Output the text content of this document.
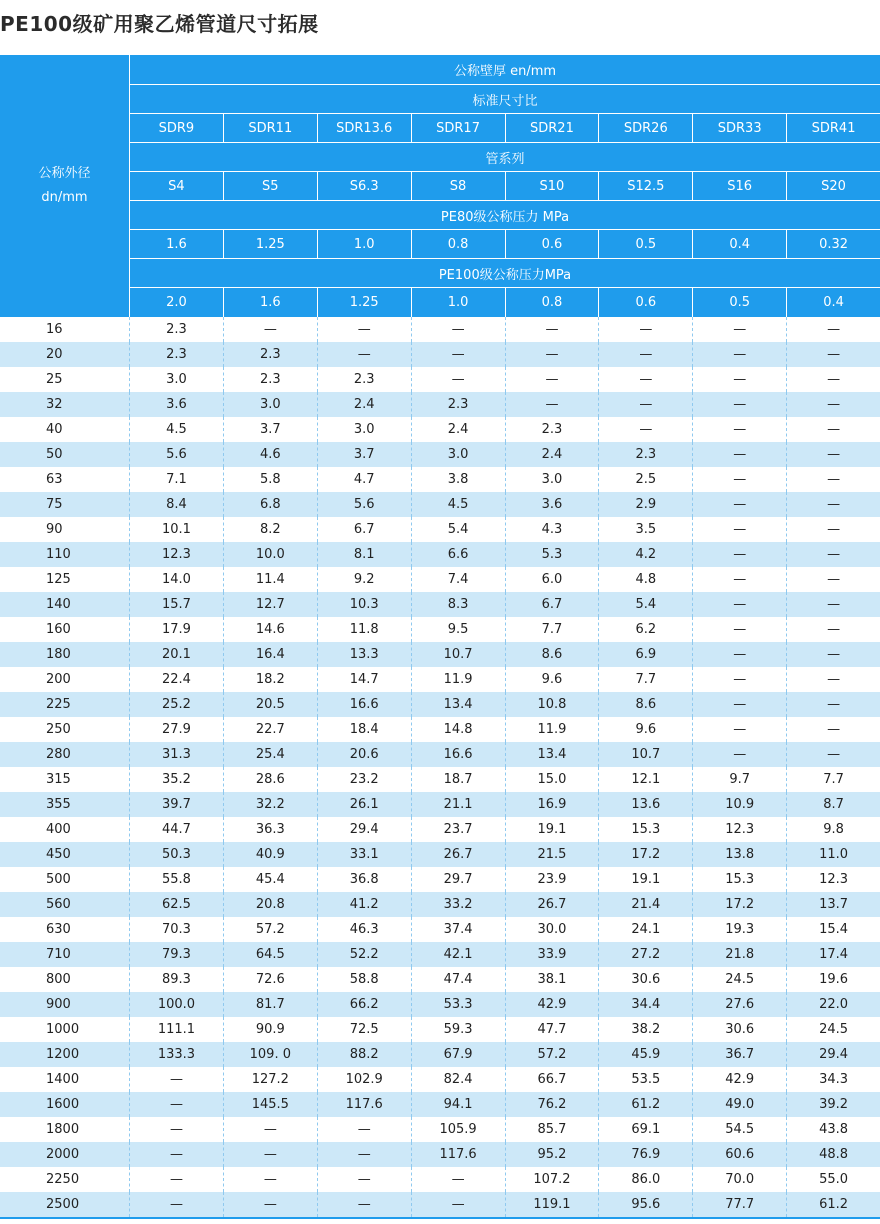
PE100级矿用聚乙烯管道尺寸拓展
公称外径
dn/mm
公称壁厚 en/mm
标准尺寸比
SDR9	SDR11	SDR13.6	SDR17	SDR21	SDR26	SDR33	SDR41
管系列
S4	S5	S6.3	S8	S10	S12.5	S16	S20
PE80级公称压力 MPa
1.6	1.25	1.0	0.8	0.6	0.5	0.4	0.32
PE100级公称压力MPa
2.0	1.6	1.25	1.0	0.8	0.6	0.5	0.4
16	2.3	—	—	—	—	—	—	—
20	2.3	2.3	—	—	—	—	—	—
25	3.0	2.3	2.3	—	—	—	—	—
32	3.6	3.0	2.4	2.3	—	—	—	—
40	4.5	3.7	3.0	2.4	2.3	—	—	—
50	5.6	4.6	3.7	3.0	2.4	2.3	—	—
63	7.1	5.8	4.7	3.8	3.0	2.5	—	—
75	8.4	6.8	5.6	4.5	3.6	2.9	—	—
90	10.1	8.2	6.7	5.4	4.3	3.5	—	—
110	12.3	10.0	8.1	6.6	5.3	4.2	—	—
125	14.0	11.4	9.2	7.4	6.0	4.8	—	—
140	15.7	12.7	10.3	8.3	6.7	5.4	—	—
160	17.9	14.6	11.8	9.5	7.7	6.2	—	—
180	20.1	16.4	13.3	10.7	8.6	6.9	—	—
200	22.4	18.2	14.7	11.9	9.6	7.7	—	—
225	25.2	20.5	16.6	13.4	10.8	8.6	—	—
250	27.9	22.7	18.4	14.8	11.9	9.6	—	—
280	31.3	25.4	20.6	16.6	13.4	10.7	—	—
315	35.2	28.6	23.2	18.7	15.0	12.1	9.7	7.7
355	39.7	32.2	26.1	21.1	16.9	13.6	10.9	8.7
400	44.7	36.3	29.4	23.7	19.1	15.3	12.3	9.8
450	50.3	40.9	33.1	26.7	21.5	17.2	13.8	11.0
500	55.8	45.4	36.8	29.7	23.9	19.1	15.3	12.3
560	62.5	20.8	41.2	33.2	26.7	21.4	17.2	13.7
630	70.3	57.2	46.3	37.4	30.0	24.1	19.3	15.4
710	79.3	64.5	52.2	42.1	33.9	27.2	21.8	17.4
800	89.3	72.6	58.8	47.4	38.1	30.6	24.5	19.6
900	100.0	81.7	66.2	53.3	42.9	34.4	27.6	22.0
1000	111.1	90.9	72.5	59.3	47.7	38.2	30.6	24.5
1200	133.3	109. 0	88.2	67.9	57.2	45.9	36.7	29.4
1400	—	127.2	102.9	82.4	66.7	53.5	42.9	34.3
1600	—	145.5	117.6	94.1	76.2	61.2	49.0	39.2
1800	—	—	—	105.9	85.7	69.1	54.5	43.8
2000	—	—	—	117.6	95.2	76.9	60.6	48.8
2250	—	—	—	—	107.2	86.0	70.0	55.0
2500	—	—	—	—	119.1	95.6	77.7	61.2
